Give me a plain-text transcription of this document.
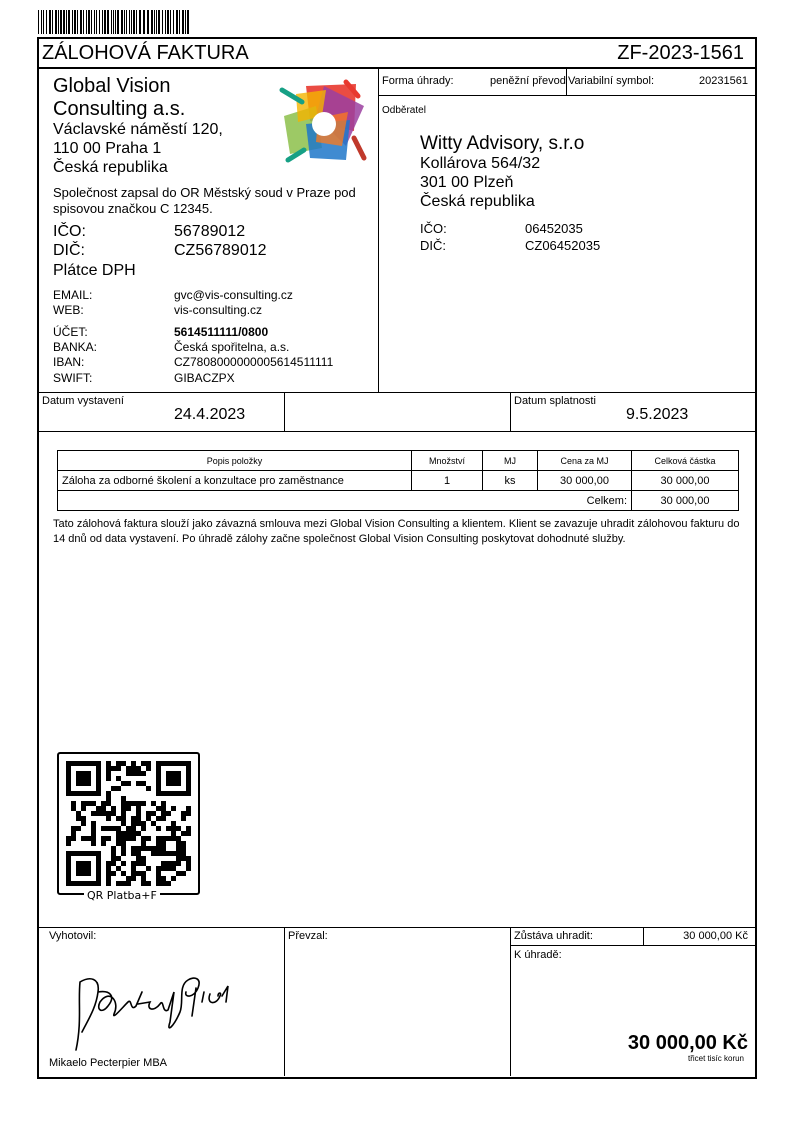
ZÁLOHOVÁ FAKTURA	ZF-2023-1561
Global Vision
Consulting a.s.
Václavské náměstí 120,
110 00 Praha 1
Česká republika
Společnost zapsal do OR Městský soud v Praze pod spisovou značkou C 12345.
IČO:	56789012
DIČ:	CZ56789012
Plátce DPH
EMAIL:	gvc@vis-consulting.cz
WEB:	vis-consulting.cz
ÚČET:	5614511111/0800
BANKA:	Česká spořitelna, a.s.
IBAN:	CZ7808000000005614511111
SWIFT:	GIBACZPX
Forma úhrady:	peněžní převod Variabilní symbol:	20231561
Odběratel
Witty Advisory, s.r.o
Kollárova 564/32
301 00 Plzeň
Česká republika
IČO:	06452035
DIČ:	CZ06452035
Datum vystavení
24.4.2023
Datum splatnosti
9.5.2023
Popis položky	Množství	MJ	Cena za MJ	Celková částka
Záloha za odborné školení a konzultace pro zaměstnance	1	ks	30 000,00	30 000,00
Celkem:				30 000,00
Tato zálohová faktura slouží jako závazná smlouva mezi Global Vision Consulting a klientem. Klient se zavazuje uhradit zálohovou fakturu do 14 dnů od data vystavení. Po úhradě zálohy začne společnost Global Vision Consulting poskytovat dohodnuté služby.
QR Platba+F
Vyhotovil:
Mikaelo Pecterpier MBA
Převzal:	Zůstáva uhradit:	30 000,00 Kč
K úhradě:
30 000,00 Kč
třicet tisíc korun
